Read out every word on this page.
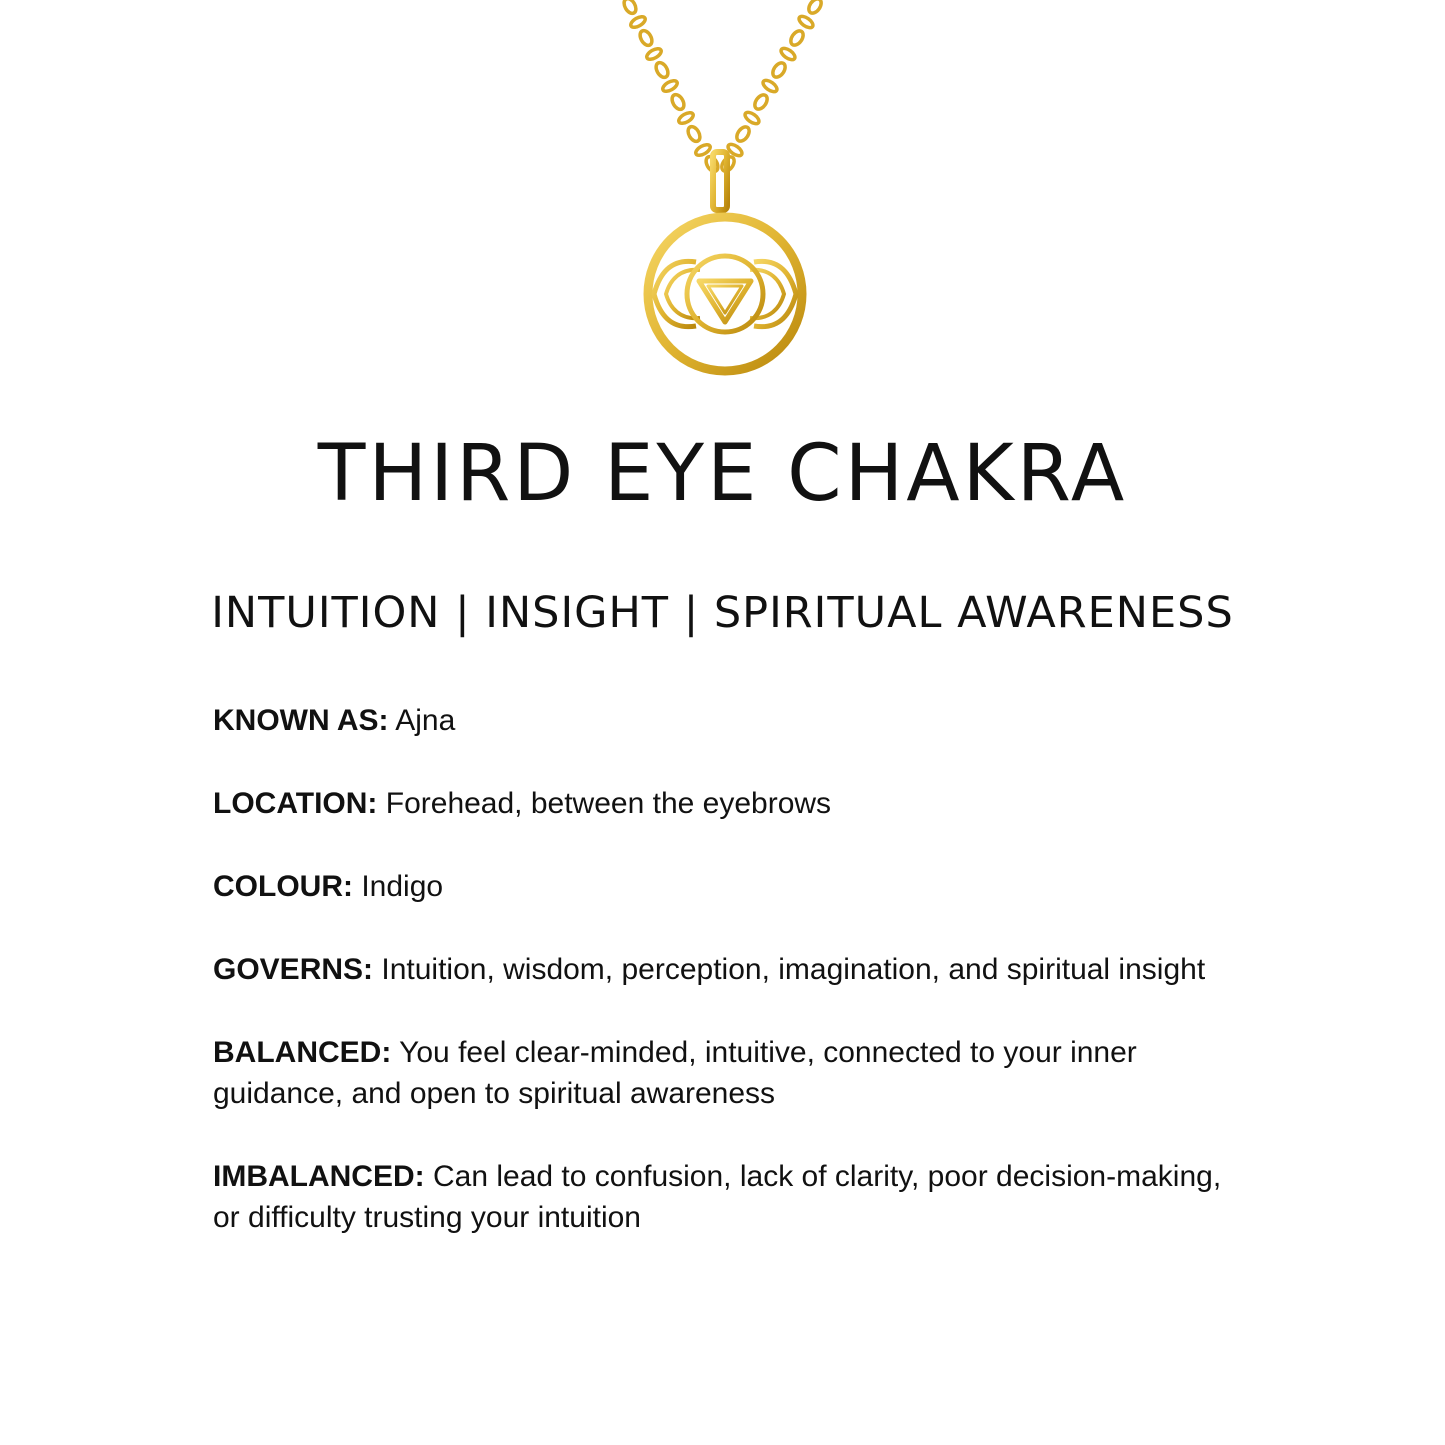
THIRD EYE CHAKRA

INTUITION | INSIGHT | SPIRITUAL AWARENESS

KNOWN AS: Ajna
LOCATION: Forehead, between the eyebrows
COLOUR: Indigo
GOVERNS: Intuition, wisdom, perception, imagination, and spiritual insight
BALANCED: You feel clear-minded, intuitive, connected to your inner guidance, and open to spiritual awareness
IMBALANCED: Can lead to confusion, lack of clarity, poor decision-making, or difficulty trusting your intuition
